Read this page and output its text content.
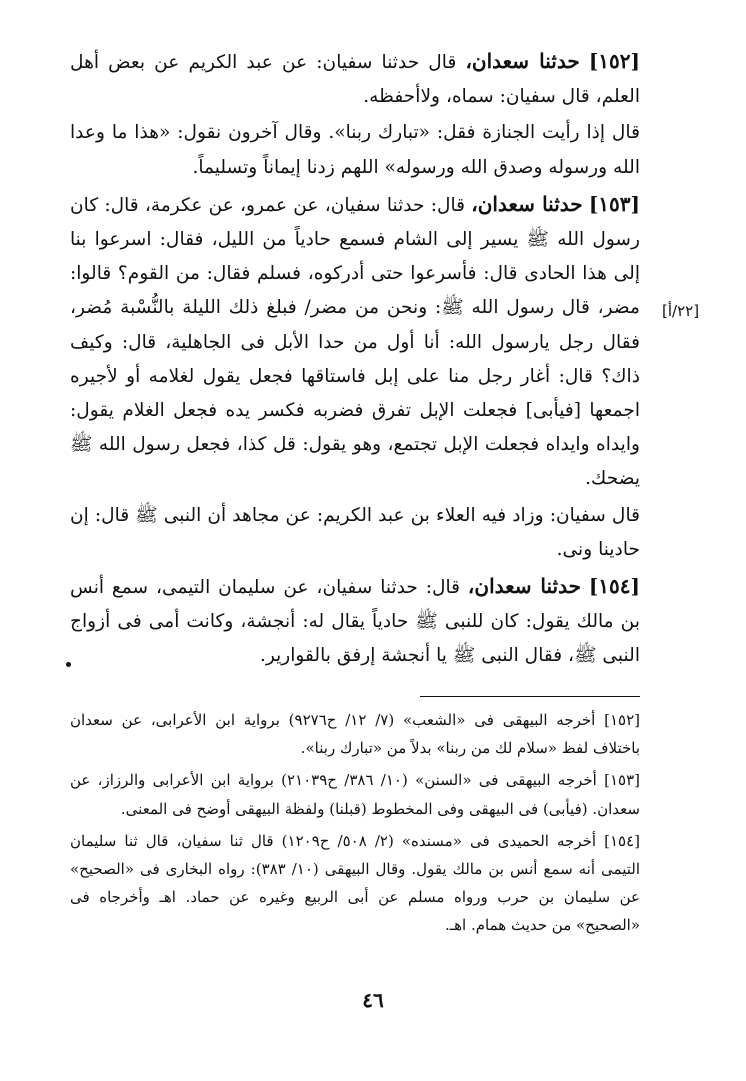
[١٥٢] حدثنا سعدان، قال حدثنا سفيان: عن عبد الكريم عن بعض أهل العلم، قال سفيان: سماه، ولاأحفظه.

قال إذا رأيت الجنازة فقل: «تبارك ربنا». وقال آخرون نقول: «هذا ما وعدا الله ورسوله وصدق الله ورسوله» اللهم زدنا إيماناً وتسليماً.

[١٥٣] حدثنا سعدان، قال: حدثنا سفيان، عن عمرو، عن عكرمة، قال: كان رسول الله ﷺ يسير إلى الشام فسمع حادياً من الليل، فقال: اسرعوا بنا إلى هذا الحادى قال: فأسرعوا حتى أدركوه، فسلم فقال: من القوم؟ قالوا: مضر، قال رسول الله ﷺ: ونحن من مضر/ فبلغ ذلك الليلة بالنُّسْبة مُضر، فقال رجل يارسول الله: أنا أول من حدا الأبل فى الجاهلية، قال: وكيف ذاك؟ قال: أغار رجل منا على إبل فاستاقها فجعل يقول لغلامه أو لأجيره اجمعها [فيأبى] فجعلت الإبل تفرق فضربه فكسر يده فجعل الغلام يقول: وايداه وايداه فجعلت الإبل تجتمع، وهو يقول: قل كذا، فجعل رسول الله ﷺ يضحك.

قال سفيان: وزاد فيه العلاء بن عبد الكريم: عن مجاهد أن النبى ﷺ قال: إن حادينا ونى.

[١٥٤] حدثنا سعدان، قال: حدثنا سفيان، عن سليمان التيمى، سمع أنس بن مالك يقول: كان للنبى ﷺ حادياً يقال له: أنجشة، وكانت أمى فى أزواج النبى ﷺ، فقال النبى ﷺ يا أنجشة إرفق بالقوارير.

[٢٢/أ]

[١٥٢] أخرجه البيهقى فى «الشعب» (٧/ ١٢/ ح٩٢٧٦) برواية ابن الأعرابى، عن سعدان باختلاف لفظ «سلام لك من ربنا» بدلاً من «تبارك ربنا».

[١٥٣] أخرجه البيهقى فى «السنن» (١٠/ ٣٨٦/ ح٢١٠٣٩) برواية ابن الأعرابى والرزاز، عن سعدان. (فيأبى) فى البيهقى وفى المخطوط (قبلنا) ولفظة البيهقى أوضح فى المعنى.

[١٥٤] أخرجه الحميدى فى «مسنده» (٢/ ٥٠٨/ ح١٢٠٩) قال ثنا سفيان، قال ثنا سليمان التيمى أنه سمع أنس بن مالك يقول. وقال البيهقى (١٠/ ٣٨٣): رواه البخارى فى «الصحيح» عن سليمان بن حرب ورواه مسلم عن أبى الربيع وغيره عن حماد. اهـ وأخرجاه فى «الصحيح» من حديث همام. اهـ.

٤٦
